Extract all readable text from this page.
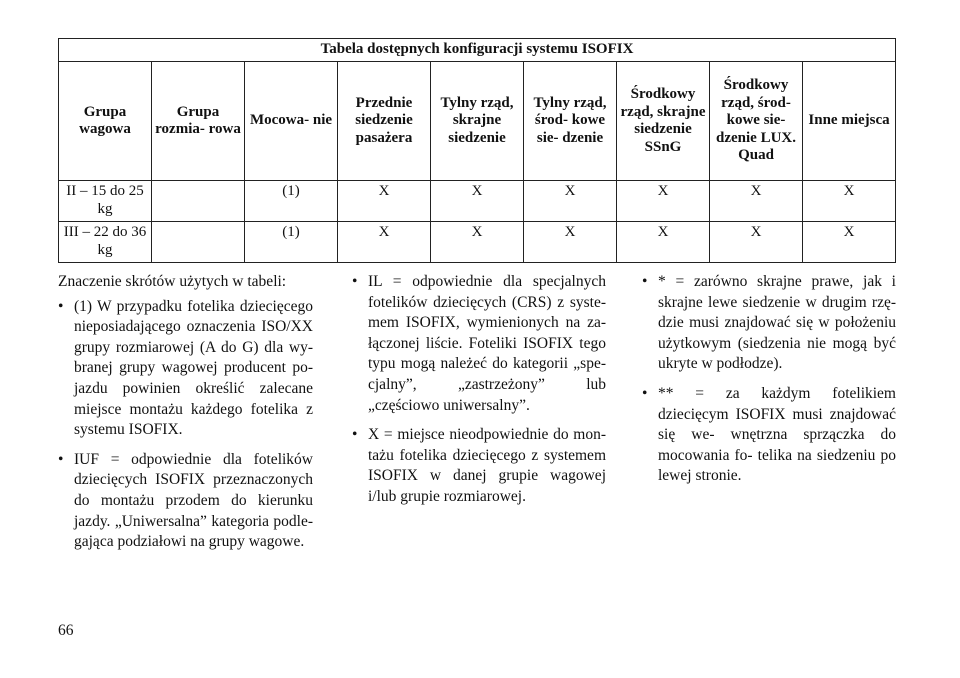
Tabela dostępnych konfiguracji systemu ISOFIX								
Grupa wagowa	Grupa rozmia- rowa	Mocowa- nie	Przednie siedzenie pasażera	Tylny rząd, skrajne siedzenie	Tylny rząd, środ- kowe sie- dzenie	Środkowy rząd, skrajne siedzenie SSnG	Środkowy rząd, środ- kowe sie- dzenie LUX. Quad	Inne miejsca
II – 15 do 25 kg		(1)	X	X	X	X	X	X
III – 22 do 36 kg		(1)	X	X	X	X	X	X

Znaczenie skrótów użytych w tabeli:

• (1) W przypadku fotelika dziecięcego nieposiadającego oznaczenia ISO/XX grupy rozmiarowej (A do G) dla wy- branej grupy wagowej producent po- jazdu powinien określić zalecane miejsce montażu każdego fotelika z systemu ISOFIX.
• IUF = odpowiednie dla fotelików dziecięcych ISOFIX przeznaczonych do montażu przodem do kierunku jazdy. „Uniwersalna” kategoria podle- gająca podziałowi na grupy wagowe.
• IL = odpowiednie dla specjalnych fotelików dziecięcych (CRS) z syste- mem ISOFIX, wymienionych na za- łączonej liście. Foteliki ISOFIX tego typu mogą należeć do kategorii „spe- cjalny”, „zastrzeżony” lub „częściowo uniwersalny”.
• X = miejsce nieodpowiednie do mon- tażu fotelika dziecięcego z systemem ISOFIX w danej grupie wagowej i/lub grupie rozmiarowej.
• * = zarówno skrajne prawe, jak i skrajne lewe siedzenie w drugim rzę- dzie musi znajdować się w położeniu użytkowym (siedzenia nie mogą być ukryte w podłodze).
• ** = za każdym fotelikiem dziecięcym ISOFIX musi znajdować się we- wnętrzna sprzączka do mocowania fo- telika na siedzeniu po lewej stronie.
66
